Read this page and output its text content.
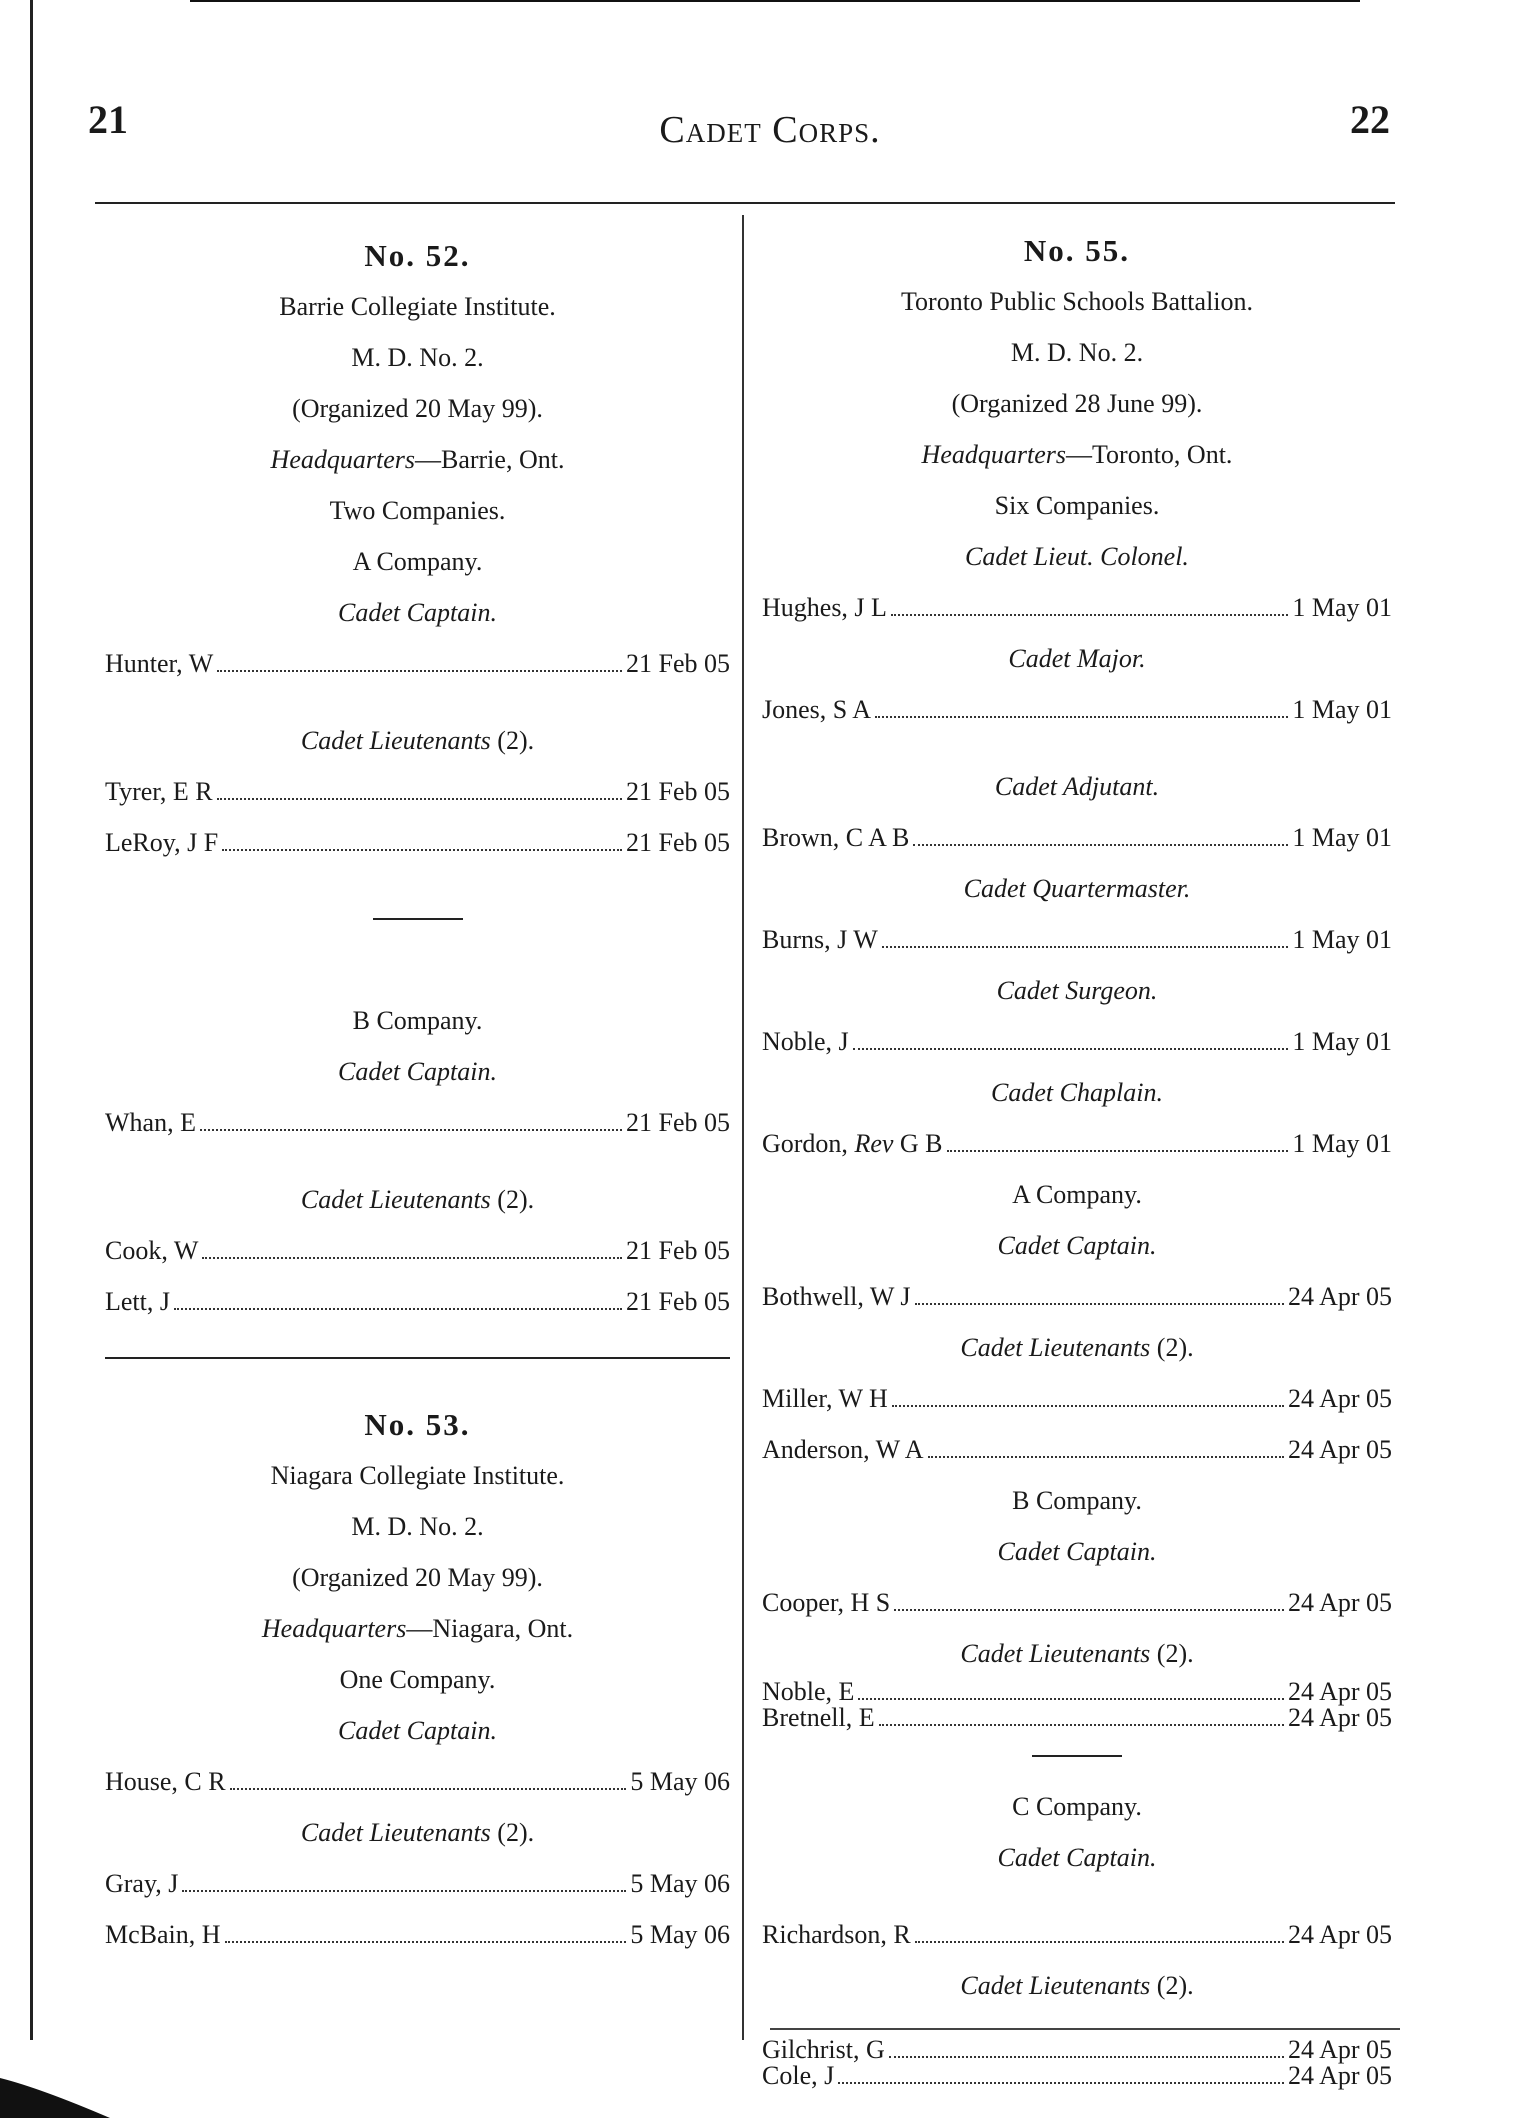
21	Cadet Corps.	22
No. 52.
Barrie Collegiate Institute.
M. D. No. 2.
(Organized 20 May 99).
Headquarters—Barrie, Ont.
Two Companies.
A Company.
Cadet Captain.
Hunter, W	21 Feb 05
Cadet Lieutenants (2).
Tyrer, E R	21 Feb 05
LeRoy, J F	21 Feb 05
B Company.
Cadet Captain.
Whan, E	21 Feb 05
Cadet Lieutenants (2).
Cook, W	21 Feb 05
Lett, J	21 Feb 05
No. 53.
Niagara Collegiate Institute.
M. D. No. 2.
(Organized 20 May 99).
Headquarters—Niagara, Ont.
One Company.
Cadet Captain.
House, C R	5 May 06
Cadet Lieutenants (2).
Gray, J	5 May 06
McBain, H	5 May 06
No. 55.
Toronto Public Schools Battalion.
M. D. No. 2.
(Organized 28 June 99).
Headquarters—Toronto, Ont.
Six Companies.
Cadet Lieut. Colonel.
Hughes, J L	1 May 01
Cadet Major.
Jones, S A	1 May 01
Cadet Adjutant.
Brown, C A B	1 May 01
Cadet Quartermaster.
Burns, J W	1 May 01
Cadet Surgeon.
Noble, J	1 May 01
Cadet Chaplain.
Gordon, Rev G B	1 May 01
A Company.
Cadet Captain.
Bothwell, W J	24 Apr 05
Cadet Lieutenants (2).
Miller, W H	24 Apr 05
Anderson, W A	24 Apr 05
B Company.
Cadet Captain.
Cooper, H S	24 Apr 05
Cadet Lieutenants (2).
Noble, E	24 Apr 05
Bretnell, E	24 Apr 05
C Company.
Cadet Captain.
Richardson, R	24 Apr 05
Cadet Lieutenants (2).
Gilchrist, G	24 Apr 05
Cole, J	24 Apr 05
